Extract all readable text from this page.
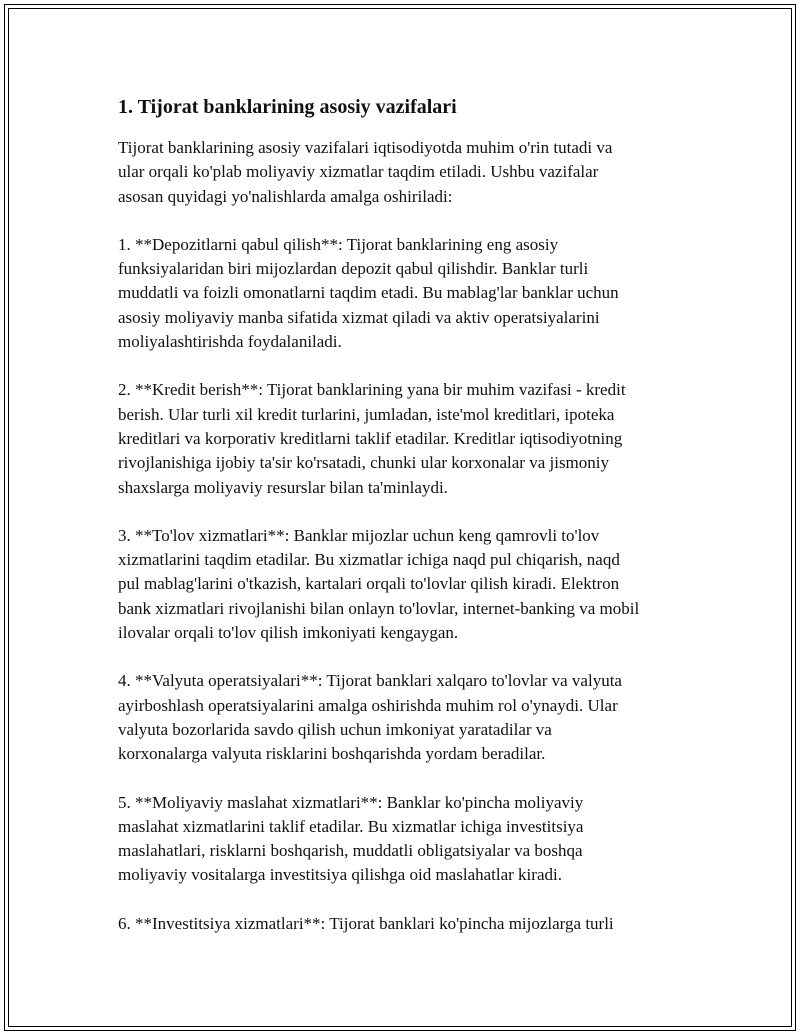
1. Tijorat banklarining asosiy vazifalari

Tijorat banklarining asosiy vazifalari iqtisodiyotda muhim o'rin tutadi va
ular orqali ko'plab moliyaviy xizmatlar taqdim etiladi. Ushbu vazifalar
asosan quyidagi yo'nalishlarda amalga oshiriladi:

1. **Depozitlarni qabul qilish**: Tijorat banklarining eng asosiy
funksiyalaridan biri mijozlardan depozit qabul qilishdir. Banklar turli
muddatli va foizli omonatlarni taqdim etadi. Bu mablag'lar banklar uchun
asosiy moliyaviy manba sifatida xizmat qiladi va aktiv operatsiyalarini
moliyalashtirishda foydalaniladi.

2. **Kredit berish**: Tijorat banklarining yana bir muhim vazifasi - kredit
berish. Ular turli xil kredit turlarini, jumladan, iste'mol kreditlari, ipoteka
kreditlari va korporativ kreditlarni taklif etadilar. Kreditlar iqtisodiyotning
rivojlanishiga ijobiy ta'sir ko'rsatadi, chunki ular korxonalar va jismoniy
shaxslarga moliyaviy resurslar bilan ta'minlaydi.

3. **To'lov xizmatlari**: Banklar mijozlar uchun keng qamrovli to'lov
xizmatlarini taqdim etadilar. Bu xizmatlar ichiga naqd pul chiqarish, naqd
pul mablag'larini o'tkazish, kartalari orqali to'lovlar qilish kiradi. Elektron
bank xizmatlari rivojlanishi bilan onlayn to'lovlar, internet-banking va mobil
ilovalar orqali to'lov qilish imkoniyati kengaygan.

4. **Valyuta operatsiyalari**: Tijorat banklari xalqaro to'lovlar va valyuta
ayirboshlash operatsiyalarini amalga oshirishda muhim rol o'ynaydi. Ular
valyuta bozorlarida savdo qilish uchun imkoniyat yaratadilar va
korxonalarga valyuta risklarini boshqarishda yordam beradilar.

5. **Moliyaviy maslahat xizmatlari**: Banklar ko'pincha moliyaviy
maslahat xizmatlarini taklif etadilar. Bu xizmatlar ichiga investitsiya
maslahatlari, risklarni boshqarish, muddatli obligatsiyalar va boshqa
moliyaviy vositalarga investitsiya qilishga oid maslahatlar kiradi.

6. **Investitsiya xizmatlari**: Tijorat banklari ko'pincha mijozlarga turli
